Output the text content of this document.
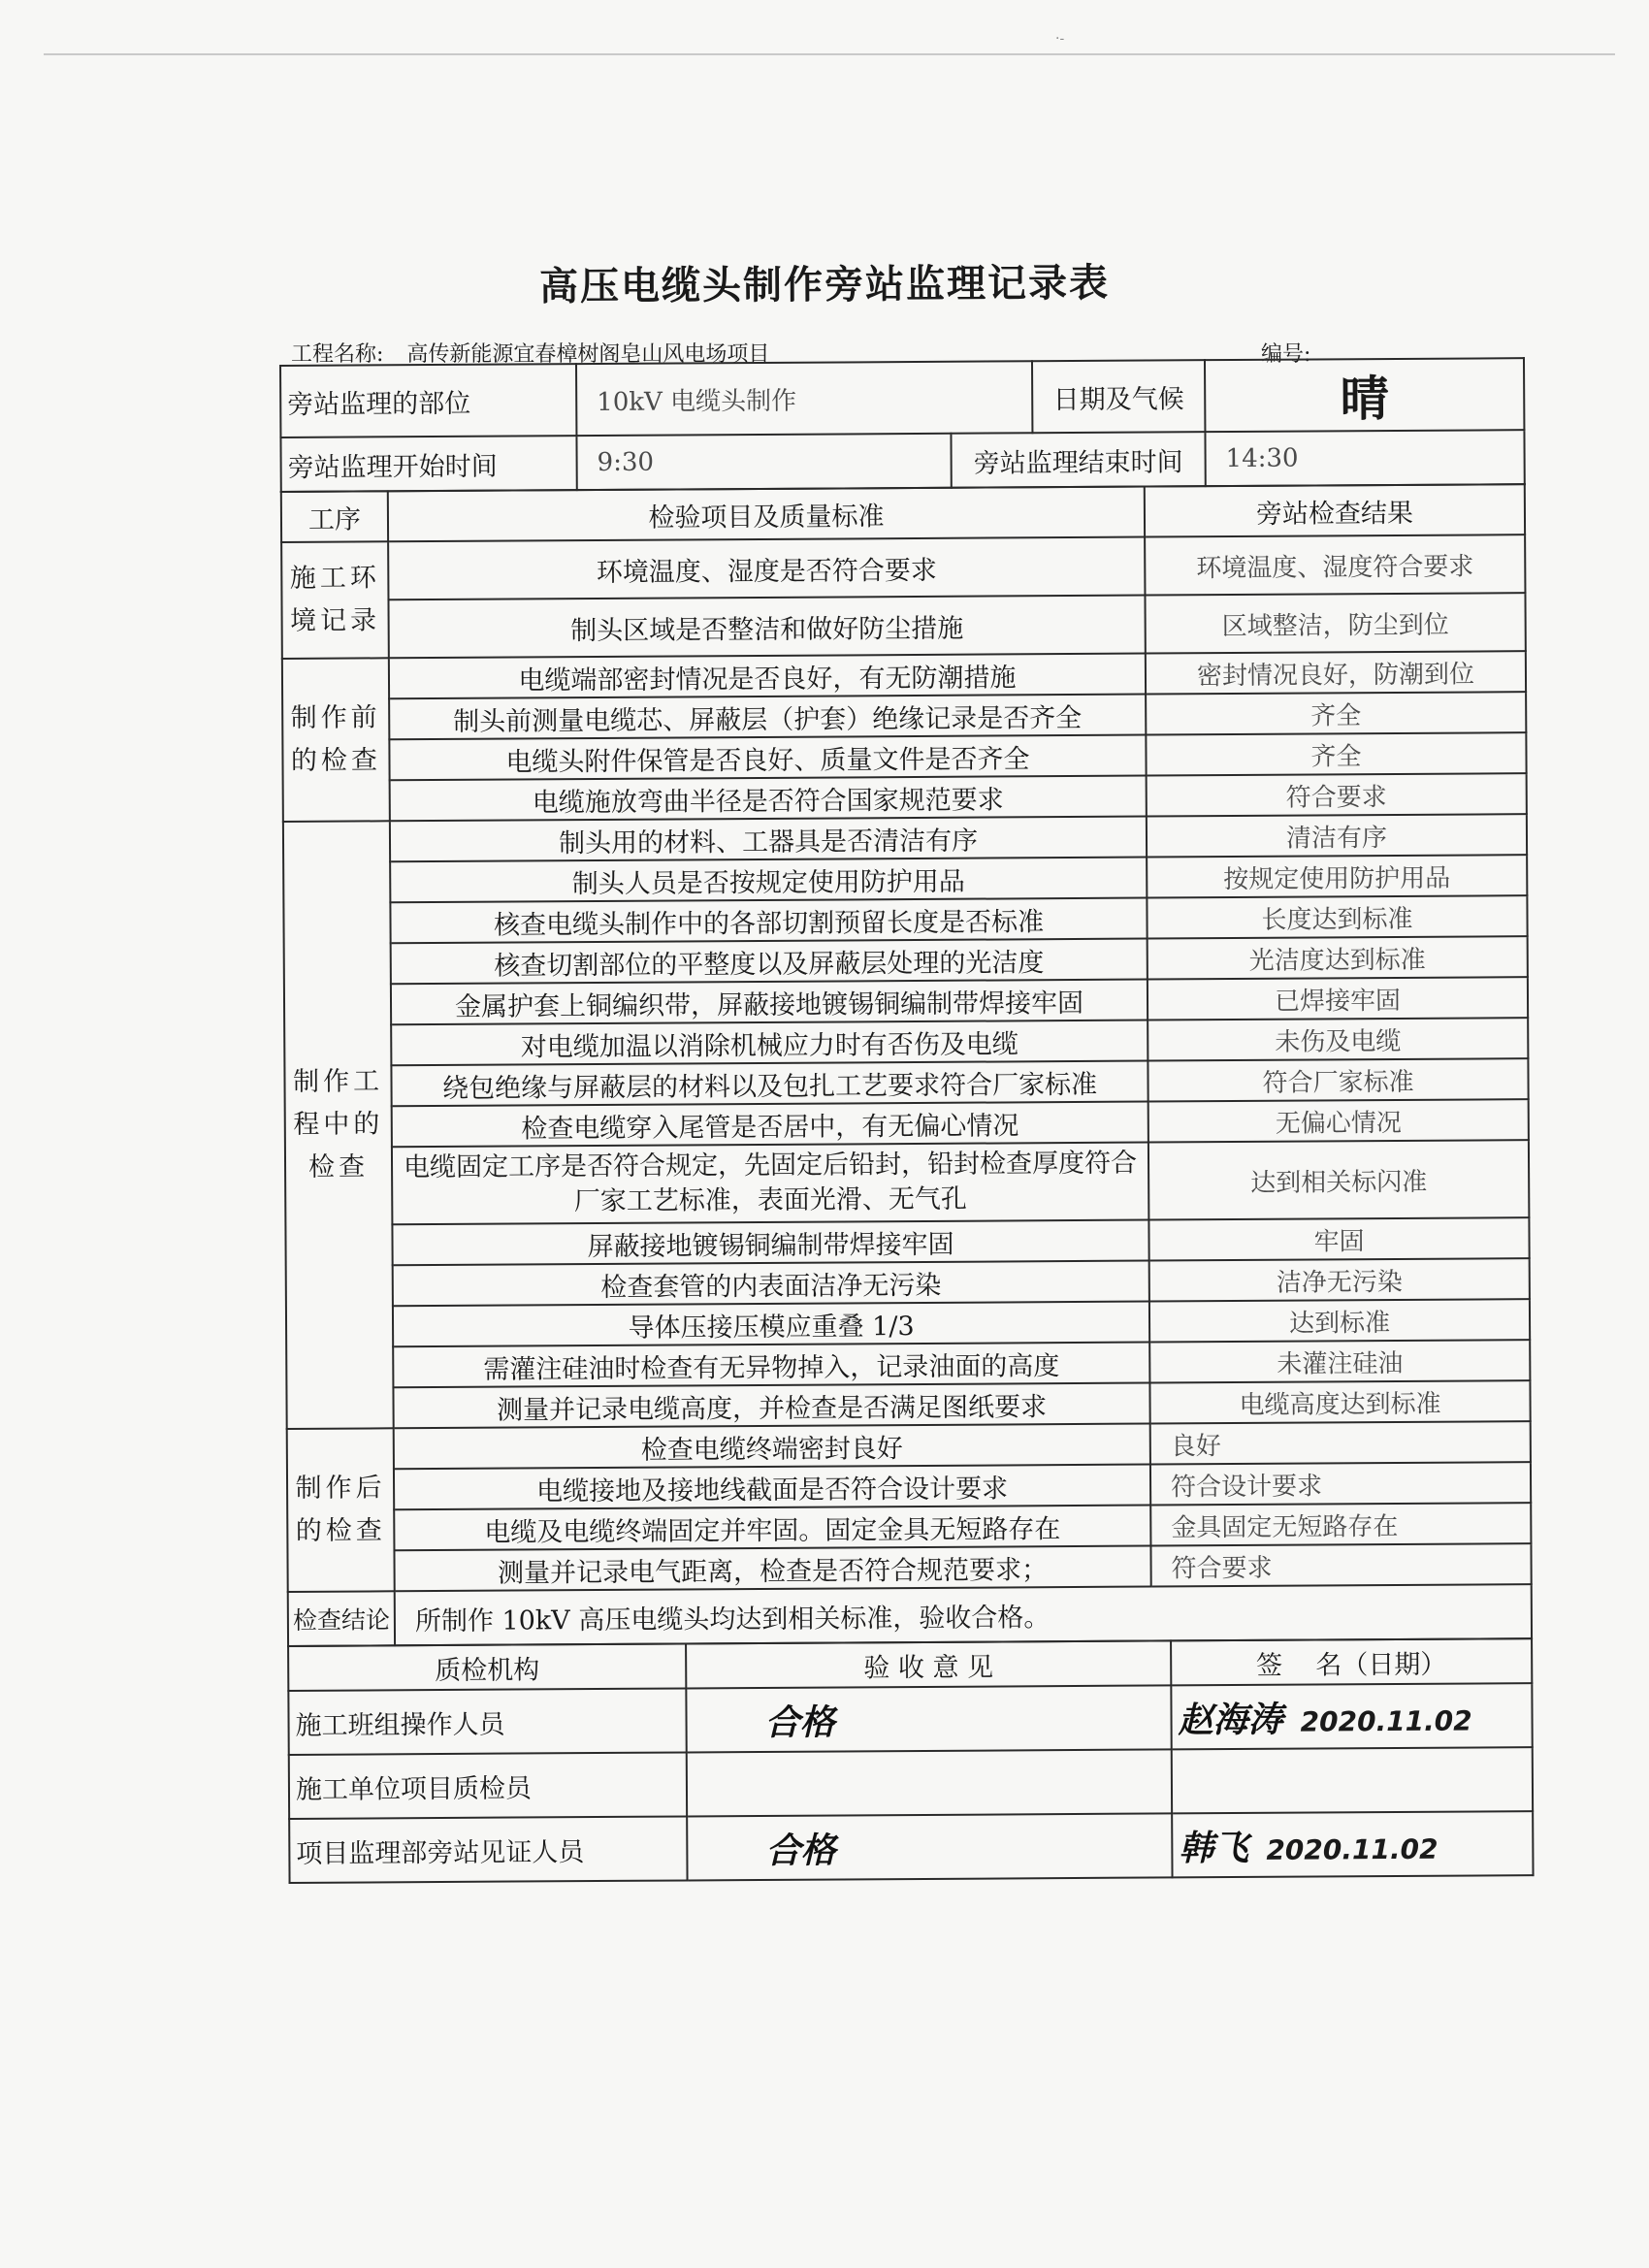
·-
高压电缆头制作旁站监理记录表
工程名称: 高传新能源宜春樟树阁皂山风电场项目	编号:
旁站监理的部位	10kV 电缆头制作		日期及气候	晴
旁站监理开始时间	9:30	旁站监理结束时间		14:30
工序	检验项目及质量标准	旁站检查结果
施工环境记录	环境温度、湿度是否符合要求	环境温度、湿度符合要求
	制头区域是否整洁和做好防尘措施	区域整洁，防尘到位
制作前的检查	电缆端部密封情况是否良好，有无防潮措施	密封情况良好，防潮到位
	制头前测量电缆芯、屏蔽层（护套）绝缘记录是否齐全	齐全
	电缆头附件保管是否良好、质量文件是否齐全	齐全
	电缆施放弯曲半径是否符合国家规范要求	符合要求
制作工程中的检查	制头用的材料、工器具是否清洁有序	清洁有序
	制头人员是否按规定使用防护用品	按规定使用防护用品
	核查电缆头制作中的各部切割预留长度是否标准	长度达到标准
	核查切割部位的平整度以及屏蔽层处理的光洁度	光洁度达到标准
	金属护套上铜编织带，屏蔽接地镀锡铜编制带焊接牢固	已焊接牢固
	对电缆加温以消除机械应力时有否伤及电缆	未伤及电缆
	绕包绝缘与屏蔽层的材料以及包扎工艺要求符合厂家标准	符合厂家标准
	检查电缆穿入尾管是否居中，有无偏心情况	无偏心情况
	电缆固定工序是否符合规定，先固定后铅封，铅封检查厚度符合厂家工艺标准，表面光滑、无气孔	达到相关标闪准
	屏蔽接地镀锡铜编制带焊接牢固	牢固
	检查套管的内表面洁净无污染	洁净无污染
	导体压接压模应重叠 1/3	达到标准
	需灌注硅油时检查有无异物掉入，记录油面的高度	未灌注硅油
	测量并记录电缆高度，并检查是否满足图纸要求	电缆高度达到标准
制作后的检查	检查电缆终端密封良好	良好
	电缆接地及接地线截面是否符合设计要求	符合设计要求
	电缆及电缆终端固定并牢固。固定金具无短路存在	金具固定无短路存在
	测量并记录电气距离，检查是否符合规范要求；	符合要求
检查结论	所制作 10kV 高压电缆头均达到相关标准，验收合格。	
质检机构	验 收 意 见	签    名（日期）
施工班组操作人员	合格	赵海涛 2020.11.02
施工单位项目质检员		
项目监理部旁站见证人员	合格	韩飞 2020.11.02
